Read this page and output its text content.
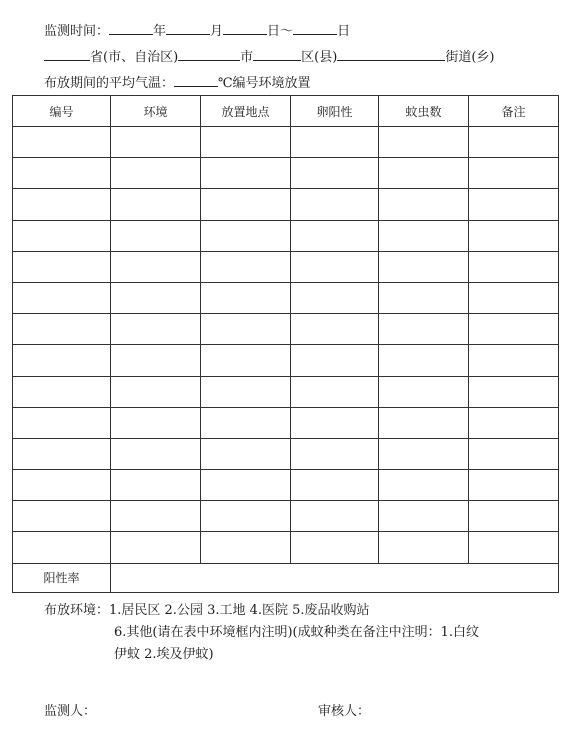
监测时间：	年	月	日～	日
省(市、自治区)	市	区(县)	街道(乡)
布放期间的平均气温：	℃编号环境放置
编号	环境	放置地点	卵阳性	蚊虫数	备注

阳性率					
布放环境：1.居民区 2.公园 3.工地 4.医院 5.废品收购站
6.其他(请在表中环境框内注明)(成蚊种类在备注中注明：1.白纹
伊蚊 2.埃及伊蚊)
监测人：	审核人：
